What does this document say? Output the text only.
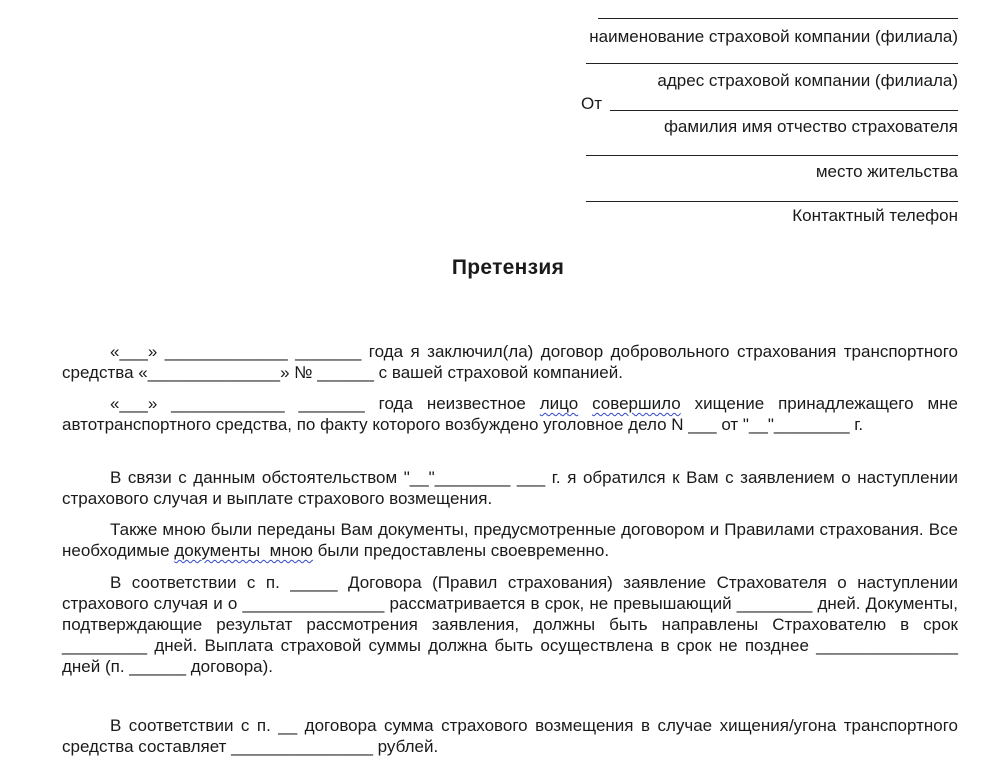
наименование страховой компании (филиала)
адрес страховой компании (филиала)
От
фамилия имя отчество страхователя
место жительства
Контактный телефон
Претензия

«___» _____________ _______ года я заключил(ла) договор добровольного страхования транспортного средства «______________» № ______ с вашей страховой компанией.

«___» ____________ _______ года неизвестное лицо совершило хищение принадлежащего мне автотранспортного средства, по факту которого возбуждено уголовное дело N ___ от "__"________ г.

В связи с данным обстоятельством "__"________ ___ г. я обратился к Вам с заявлением о наступлении страхового случая и выплате страхового возмещения.

Также мною были переданы Вам документы, предусмотренные договором и Правилами страхования. Все необходимые документы  мною были предоставлены своевременно.

В соответствии с п. _____ Договора (Правил страхования) заявление Страхователя о наступлении страхового случая и о _______________ рассматривается в срок, не превышающий ________ дней. Документы, подтверждающие результат рассмотрения заявления, должны быть направлены Страхователю в срок _________ дней. Выплата страховой суммы должна быть осуществлена в срок не позднее _______________ дней (п. ______ договора).

В соответствии с п. __ договора сумма страхового возмещения в случае хищения/угона транспортного средства составляет _______________ рублей.
